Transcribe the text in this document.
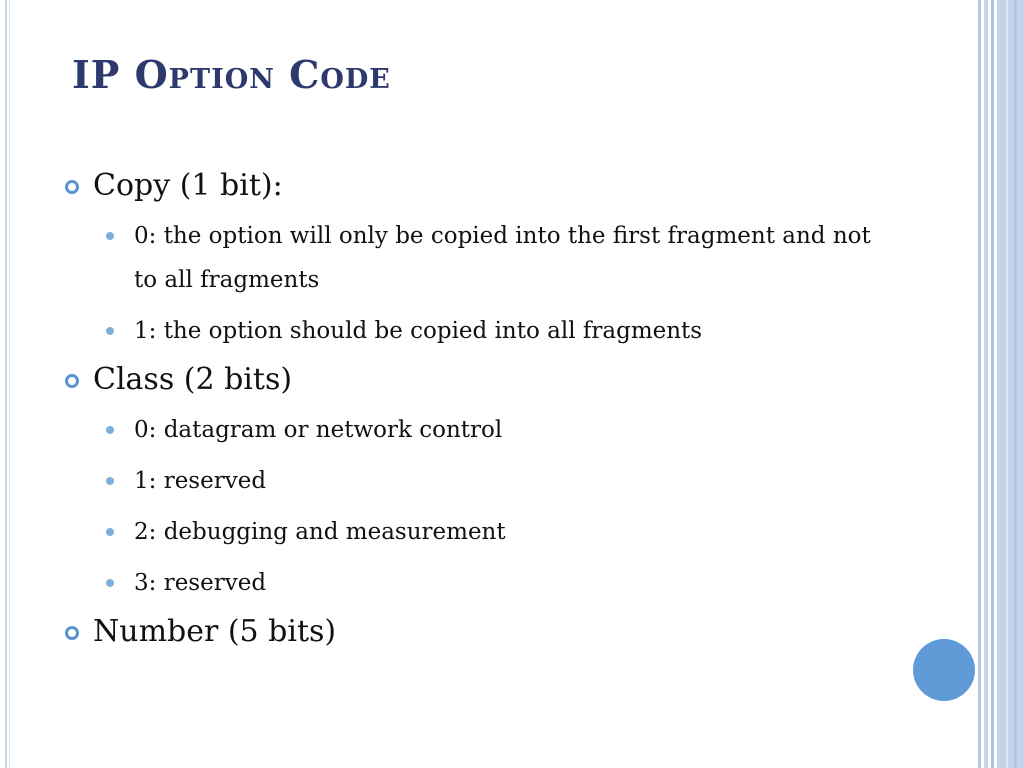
IP Option Code
Copy (1 bit):
0: the option will only be copied into the first fragment and not to all fragments
1: the option should be copied into all fragments
Class (2 bits)
0: datagram or network control
1: reserved
2: debugging and measurement
3: reserved
Number (5 bits)
